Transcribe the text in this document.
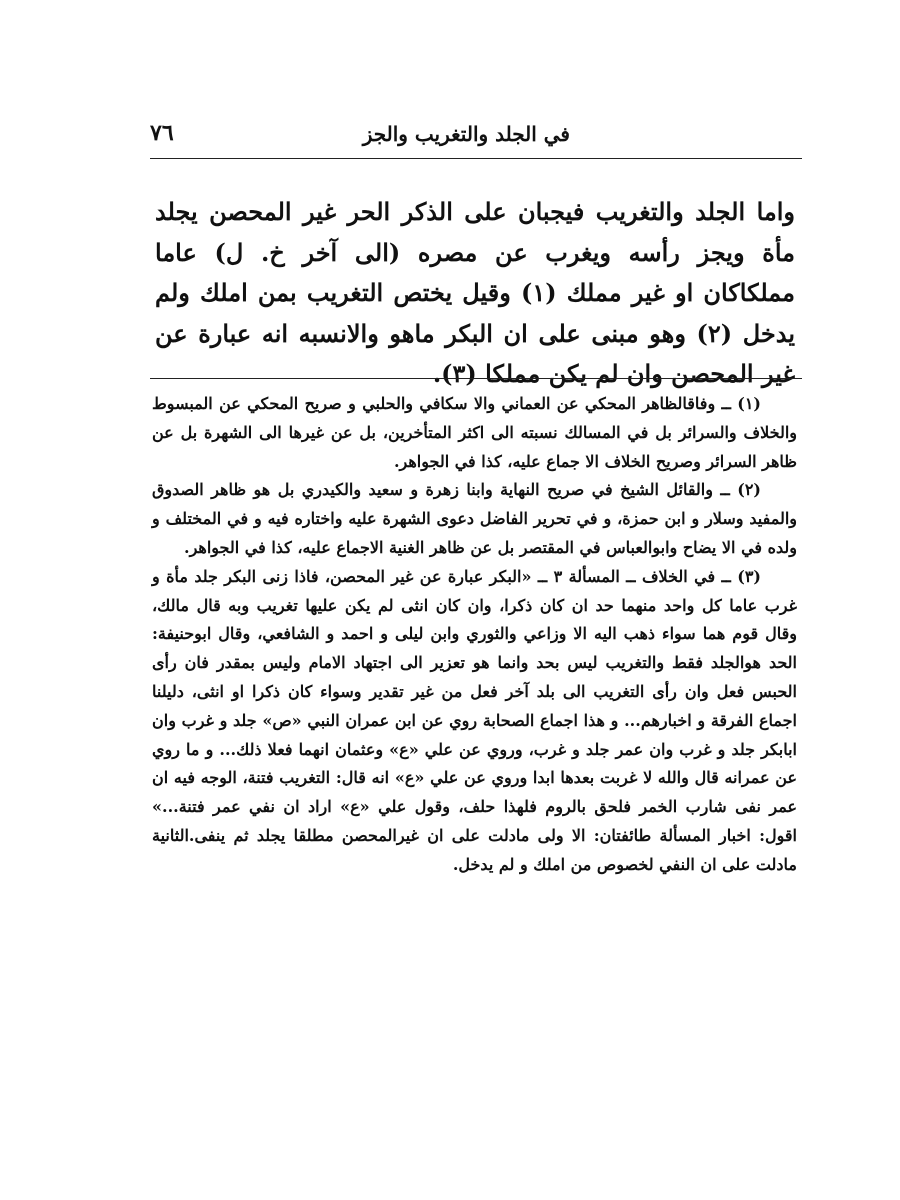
في الجلد والتغريب والجز
٧٦

واما الجلد والتغريب فيجبان على الذكر الحر غير المحصن يجلد مأة ويجز رأسه ويغرب عن مصره (الى آخر خ. ل) عاما مملكاكان او غير مملك (١) وقيل يختص التغريب بمن املك ولم يدخل (٢) وهو مبنى على ان البكر ماهو والانسبه انه عبارة عن غير المحصن وان لم يكن مملكا (٣).

(١) ــ وفاقالظاهر المحكي عن العماني والا سكافي والحلبي و صريح المحكي عن المبسوط والخلاف والسرائر بل في المسالك نسبته الى اكثر المتأخرين، بل عن غيرها الى الشهرة بل عن ظاهر السرائر وصريح الخلاف الا جماع عليه، كذا في الجواهر.

(٢) ــ والقائل الشيخ في صريح النهاية وابنا زهرة و سعيد والكيدري بل هو ظاهر الصدوق والمفيد وسلار و ابن حمزة، و في تحرير الفاضل دعوى الشهرة عليه واختاره فيه و في المختلف و ولده في الا يضاح وابوالعباس في المقتصر بل عن ظاهر الغنية الاجماع عليه، كذا في الجواهر.

(٣) ــ في الخلاف ــ المسألة ٣ ــ «البكر عبارة عن غير المحصن، فاذا زنى البكر جلد مأة و غرب عاما كل واحد منهما حد ان كان ذكرا، وان كان انثى لم يكن عليها تغريب وبه قال مالك، وقال قوم هما سواء ذهب اليه الا وزاعي والثوري وابن ليلى و احمد و الشافعي، وقال ابوحنيفة: الحد هوالجلد فقط والتغريب ليس بحد وانما هو تعزير الى اجتهاد الامام وليس بمقدر فان رأى الحبس فعل وان رأى التغريب الى بلد آخر فعل من غير تقدير وسواء كان ذكرا او انثى، دليلنا اجماع الفرقة و اخبارهم... و هذا اجماع الصحابة روي عن ابن عمران النبي «ص» جلد و غرب وان ابابكر جلد و غرب وان عمر جلد و غرب، وروي عن علي «ع» وعثمان انهما فعلا ذلك... و ما روي عن عمرانه قال والله لا غربت بعدها ابدا وروي عن علي «ع» انه قال: التغريب فتنة، الوجه فيه ان عمر نفى شارب الخمر فلحق بالروم فلهذا حلف، وقول علي «ع» اراد ان نفي عمر فتنة...» اقول: اخبار المسألة طائفتان: الا ولى مادلت على ان غيرالمحصن مطلقا يجلد ثم ينفى.الثانية مادلت على ان النفي لخصوص من املك و لم يدخل.
